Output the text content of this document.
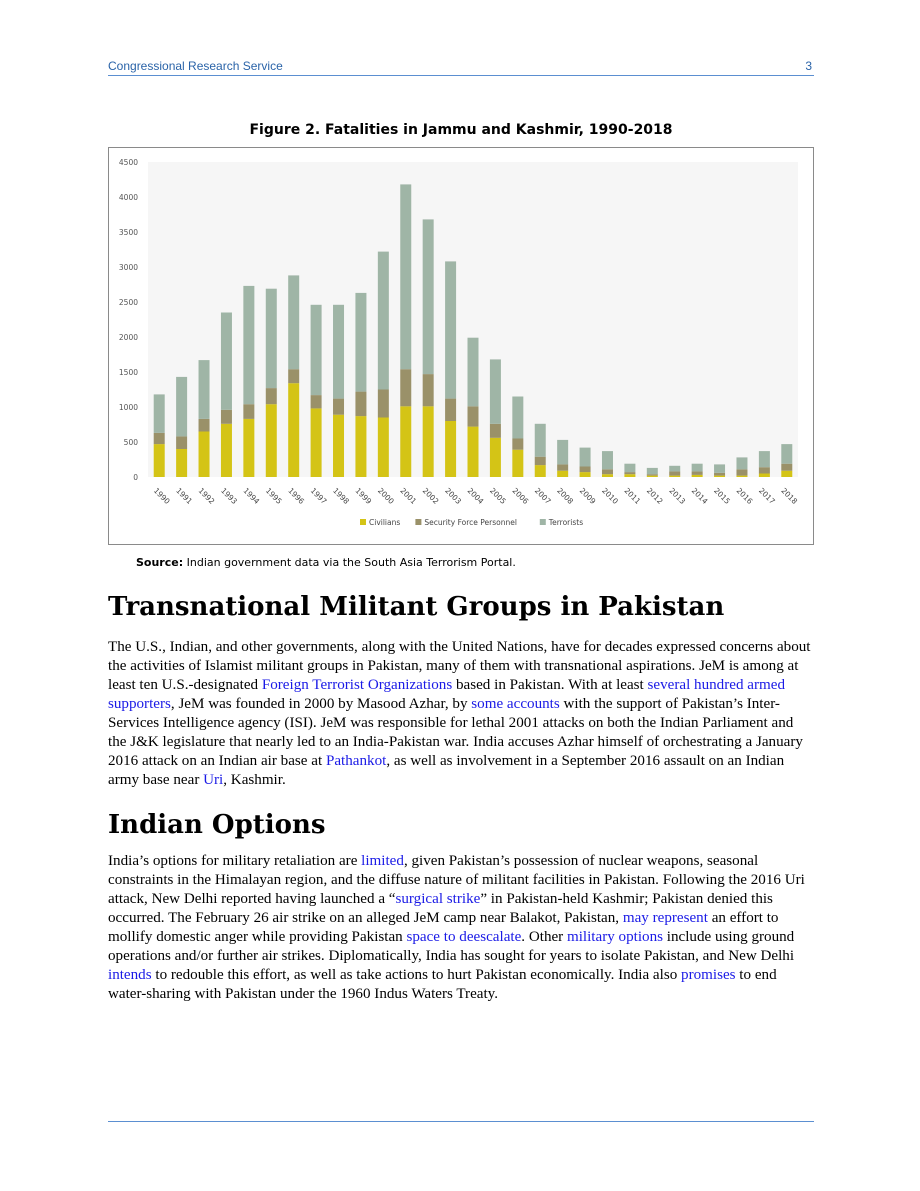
Congressional Research Service	3
Figure 2. Fatalities in Jammu and Kashmir, 1990-2018
0
500
1000
1500
2000
2500
3000
3500
4000
4500
1990 1991 1992 1993 1994 1995 1996 1997 1998 1999 2000 2001 2002 2003 2004 2005 2006 2007 2008 2009 2010 2011 2012 2013 2014 2015 2016 2017 2018
Civilians	Security Force Personnel	Terrorists
Source: Indian government data via the South Asia Terrorism Portal.
Transnational Militant Groups in Pakistan

The U.S., Indian, and other governments, along with the United Nations, have for decades expressed concerns about the activities of Islamist militant groups in Pakistan, many of them with transnational aspirations. JeM is among at least ten U.S.-designated Foreign Terrorist Organizations based in Pakistan. With at least several hundred armed supporters, JeM was founded in 2000 by Masood Azhar, by some accounts with the support of Pakistan’s Inter-Services Intelligence agency (ISI). JeM was responsible for lethal 2001 attacks on both the Indian Parliament and the J&K legislature that nearly led to an India-Pakistan war. India accuses Azhar himself of orchestrating a January 2016 attack on an Indian air base at Pathankot, as well as involvement in a September 2016 assault on an Indian army base near Uri, Kashmir.

Indian Options

India’s options for military retaliation are limited, given Pakistan’s possession of nuclear weapons, seasonal constraints in the Himalayan region, and the diffuse nature of militant facilities in Pakistan. Following the 2016 Uri attack, New Delhi reported having launched a “surgical strike” in Pakistan-held Kashmir; Pakistan denied this occurred. The February 26 air strike on an alleged JeM camp near Balakot, Pakistan, may represent an effort to mollify domestic anger while providing Pakistan space to deescalate. Other military options include using ground operations and/or further air strikes. Diplomatically, India has sought for years to isolate Pakistan, and New Delhi intends to redouble this effort, as well as take actions to hurt Pakistan economically. India also promises to end water-sharing with Pakistan under the 1960 Indus Waters Treaty.
